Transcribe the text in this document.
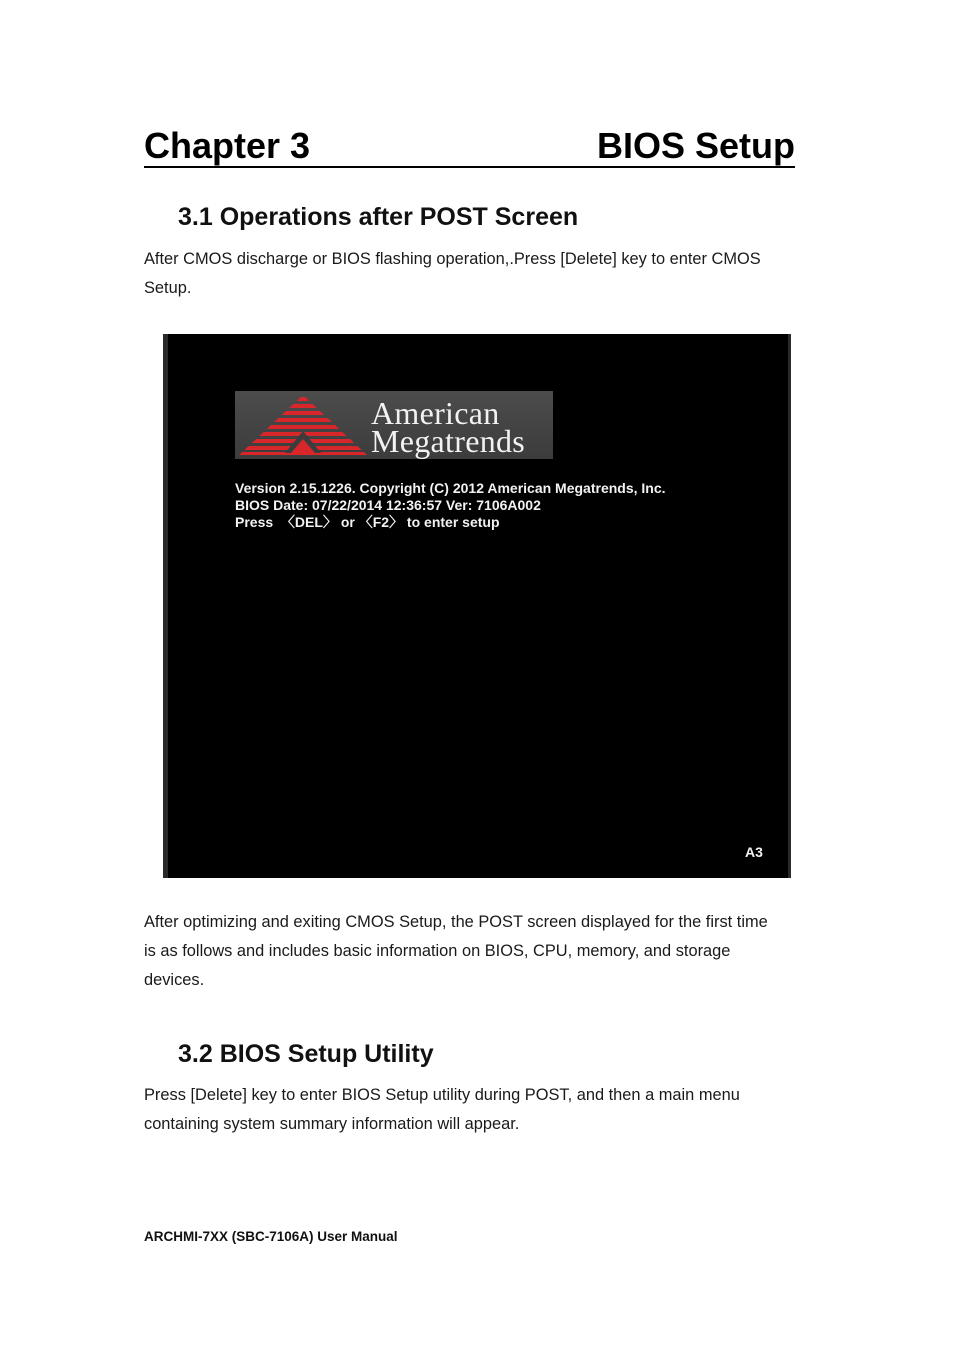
Chapter 3	BIOS Setup
3.1 Operations after POST Screen

After CMOS discharge or BIOS flashing operation,.Press [Delete] key to enter CMOS

Setup.

American
Megatrends
Version 2.15.1226. Copyright (C) 2012 American Megatrends, Inc.
BIOS Date: 07/22/2014 12:36:57 Ver: 7106A002
Press  〈DEL〉 or 〈F2〉 to enter setup
A3

After optimizing and exiting CMOS Setup, the POST screen displayed for the first time

is as follows and includes basic information on BIOS, CPU, memory, and storage

devices.

3.2 BIOS Setup Utility

Press [Delete] key to enter BIOS Setup utility during POST, and then a main menu

containing system summary information will appear.

ARCHMI-7XX (SBC-7106A) User Manual
